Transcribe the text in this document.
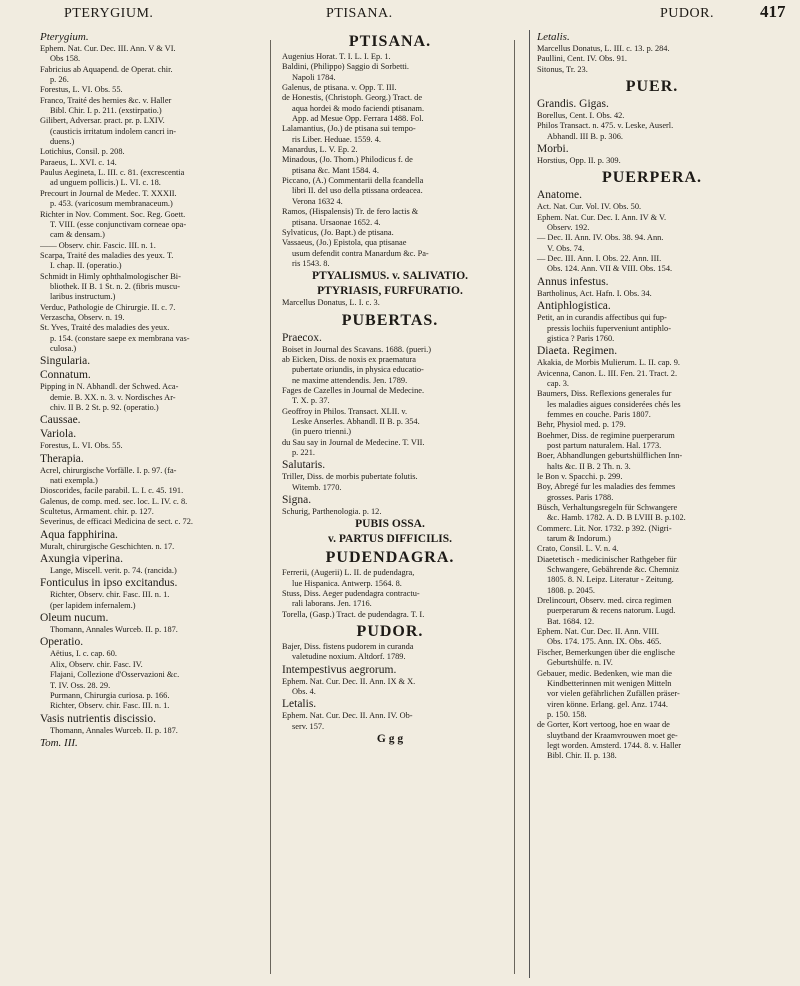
PTERYGIUM.	PTISANA.	PUDOR.	417
Pterygium.
Ephem. Nat. Cur. Dec. III. Ann. V & VI.
Obs 158.
Fabricius ab Aquapend. de Operat. chir.
p. 26.
Forestus, L. VI. Obs. 55.
Franco, Traité des hernies &c. v. Haller
Bibl. Chir. I. p. 211. (exstirpatio.)
Gilibert, Adversar. pract. pr. p. LXIV.
(causticis irritatum indolem cancri in-
duens.)
Lotichius, Consil. p. 208.
Paraeus, L. XVI. c. 14.
Paulus Aegineta, L. III. c. 81. (excrescentia
ad unguem pollicis.) L. VI. c. 18.
Precourt in Journal de Medec. T. XXXII.
p. 453. (varicosum membranaceum.)
Richter in Nov. Comment. Soc. Reg. Goett.
T. VIII. (esse conjunctivam corneae opa-
cam & densam.)
—— Observ. chir. Fascic. III. n. 1.
Scarpa, Traité des maladies des yeux. T.
I. chap. II. (operatio.)
Schmidt in Himly ophthalmologischer Bi-
bliothek. II B. 1 St. n. 2. (fibris muscu-
laribus instructum.)
Verduc, Pathologie de Chirurgie. II. c. 7.
Verzascha, Observ. n. 19.
St. Yves, Traité des maladies des yeux.
p. 154. (constare saepe ex membrana vas-
culosa.)
Singularia.
Connatum.
Pipping in N. Abhandl. der Schwed. Aca-
demie. B. XX. n. 3. v. Nordisches Ar-
chiv. II B. 2 St. p. 92. (operatio.)
Caussae.
Variola.
Forestus, L. VI. Obs. 55.
Therapia.
Acrel, chirurgische Vorfälle. I. p. 97. (fa-
nati exempla.)
Dioscorides, facile parabil. L. I. c. 45. 191.
Galenus, de comp. med. sec. loc. L. IV. c. 8.
Scultetus, Armament. chir. p. 127.
Severinus, de efficaci Medicina de sect. c. 72.
Aqua fapphirina.
Muralt, chirurgische Geschichten. n. 17.
Axungia viperina.
Lange, Miscell. verit. p. 74. (rancida.)
Fonticulus in ipso excitandus.
Richter, Observ. chir. Fasc. III. n. 1.
(per lapidem infernalem.)
Oleum nucum.
Thomann, Annales Wurceb. II. p. 187.
Operatio.
Aëtius, I. c. cap. 60.
Alix, Observ. chir. Fasc. IV.
Flajani, Collezione d'Osservazioni &c.
T. IV. Oss. 28. 29.
Purmann, Chirurgia curiosa. p. 166.
Richter, Observ. chir. Fasc. III. n. 1.
Vasis nutrientis discissio.
Thomann, Annales Wurceb. II. p. 187.
Tom. III.
PTISANA.
Augenius Horat. T. I. L. I. Ep. 1.
Baldini, (Philippo) Saggio di Sorbetti.
Napoli 1784.
Galenus, de ptisana. v. Opp. T. III.
de Honestis, (Christoph. Georg.) Tract. de
aqua hordei & modo faciendi ptisanam.
App. ad Mesue Opp. Ferrara 1488. Fol.
Lalamantius, (Jo.) de ptisana sui tempo-
ris Liber. Heduae. 1559. 4.
Manardus, L. V. Ep. 2.
Minadous, (Jo. Thom.) Philodicus f. de
ptisana &c. Mant 1584. 4.
Piccano, (A.) Commentarii della fcandella
libri II. del uso della ptissana ordeacea.
Verona 1632 4.
Ramos, (Hispalensis) Tr. de fero lactis &
ptisana. Ursaonae 1652. 4.
Sylvaticus, (Jo. Bapt.) de ptisana.
Vassaeus, (Jo.) Epistola, qua ptisanae
usum defendit contra Manardum &c. Pa-
ris 1543. 8.
PTYALISMUS. v. SALIVATIO.
PTYRIASIS, FURFURATIO.
Marcellus Donatus, L. I. c. 3.
PUBERTAS.
Praecox.
Boiset in Journal des Scavans. 1688. (pueri.)
ab Eicken, Diss. de noxis ex praematura
pubertate oriundis, in physica educatio-
ne maxime attendendis. Jen. 1789.
Fages de Cazelles in Journal de Medecine.
T. X. p. 37.
Geoffroy in Philos. Transact. XLII. v.
Leske Anserles. Abhandl. II B. p. 354.
(in puero trienni.)
du Sau say in Journal de Medecine. T. VII.
p. 221.
Salutaris.
Triller, Diss. de morbis pubertate folutis.
Witemb. 1770.
Signa.
Schurig, Parthenologia. p. 12.
PUBIS OSSA.
v. PARTUS DIFFICILIS.
PUDENDAGRA.
Ferrerii, (Augerii) L. II. de pudendagra,
lue Hispanica. Antwerp. 1564. 8.
Stuss, Diss. Aeger pudendagra contractu-
rali laborans. Jen. 1716.
Torella, (Gasp.) Tract. de pudendagra. T. I.
PUDOR.
Bajer, Diss. fistens pudorem in curanda
valetudine noxium. Altdorf. 1789.
Intempestivus aegrorum.
Ephem. Nat. Cur. Dec. II. Ann. IX & X.
Obs. 4.
Letalis.
Ephem. Nat. Cur. Dec. II. Ann. IV. Ob-
serv. 157.
G g g
Letalis.
Marcellus Donatus, L. III. c. 13. p. 284.
Paullini, Cent. IV. Obs. 91.
Sitonus, Tr. 23.
PUER.
Grandis. Gigas.
Borellus, Cent. I. Obs. 42.
Philos Transact. n. 475. v. Leske, Auserl.
Abhandl. III B. p. 306.
Morbi.
Horstius, Opp. II. p. 309.
PUERPERA.
Anatome.
Act. Nat. Cur. Vol. IV. Obs. 50.
Ephem. Nat. Cur. Dec. I. Ann. IV & V.
Observ. 192.
— Dec. II. Ann. IV. Obs. 38. 94. Ann.
V. Obs. 74.
— Dec. III. Ann. I. Obs. 22. Ann. III.
Obs. 124. Ann. VII & VIII. Obs. 154.
Annus infestus.
Bartholinus, Act. Hafn. I. Obs. 34.
Antiphlogistica.
Petit, an in curandis affectibus qui fup-
pressis lochiis fuperveniunt antiphlo-
gistica ? Paris 1760.
Diaeta. Regimen.
Akakia, de Morbis Mulierum. L. II. cap. 9.
Avicenna, Canon. L. III. Fen. 21. Tract. 2.
cap. 3.
Baumers, Diss. Reflexions generales fur
les maladies aigues considerées chés les
femmes en couche. Paris 1807.
Behr, Physiol med. p. 179.
Boehmer, Diss. de regimine puerperarum
post partum naturalem. Hal. 1773.
Boer, Abhandlungen geburtshülflichen Inn-
halts &c. II B. 2 Th. n. 3.
le Bon v. Spacchi. p. 299.
Boy, Abregé fur les maladies des femmes
grosses. Paris 1788.
Büsch, Verhaltungsregeln für Schwangere
&c. Hamb. 1782. A. D. B LVIII B. p.102.
Commerc. Lit. Nor. 1732. p 392. (Nigri-
tarum & Indorum.)
Crato, Consil. L. V. n. 4.
Diaetetisch - medicinischer Rathgeber für
Schwangere, Gebährende &c. Chemniz
1805. 8. N. Leipz. Literatur - Zeitung.
1808. p. 2045.
Drelincourt, Observ. med. circa regimen
puerperarum & recens natorum. Lugd.
Bat. 1684. 12.
Ephem. Nat. Cur. Dec. II. Ann. VIII.
Obs. 174. 175. Ann. IX. Obs. 465.
Fischer, Bemerkungen über die englische
Geburtshülfe. n. IV.
Gebauer, medic. Bedenken, wie man die
Kindbetterinnen mit wenigen Mitteln
vor vielen gefährlichen Zufällen präser-
viren könne. Erlang. gel. Anz. 1744.
p. 150. 158.
de Gorter, Kort vertoog, hoe en waar de
sluytband der Kraamvrouwen moet ge-
legt worden. Amsterd. 1744. 8. v. Haller
Bibl. Chir. II. p. 138.
